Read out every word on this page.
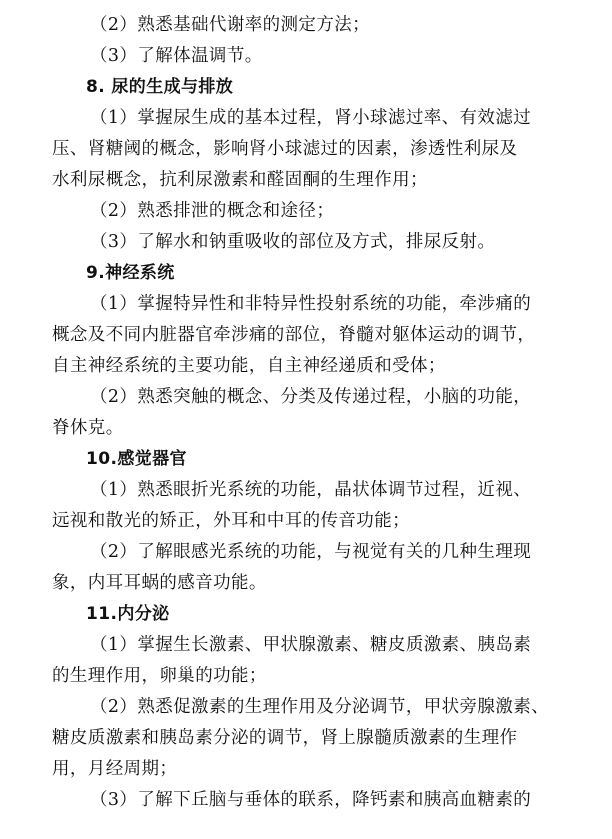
（2）熟悉基础代谢率的测定方法；
（3）了解体温调节。
8. 尿的生成与排放
（1）掌握尿生成的基本过程，肾小球滤过率、有效滤过
压、肾糖阈的概念，影响肾小球滤过的因素，渗透性利尿及
水利尿概念，抗利尿激素和醛固酮的生理作用；
（2）熟悉排泄的概念和途径；
（3）了解水和钠重吸收的部位及方式，排尿反射。
9.神经系统
（1）掌握特异性和非特异性投射系统的功能，牵涉痛的
概念及不同内脏器官牵涉痛的部位，脊髓对躯体运动的调节，
自主神经系统的主要功能，自主神经递质和受体；
（2）熟悉突触的概念、分类及传递过程，小脑的功能，
脊休克。
10.感觉器官
（1）熟悉眼折光系统的功能，晶状体调节过程，近视、
远视和散光的矫正，外耳和中耳的传音功能；
（2）了解眼感光系统的功能，与视觉有关的几种生理现
象，内耳耳蜗的感音功能。
11.内分泌
（1）掌握生长激素、甲状腺激素、糖皮质激素、胰岛素
的生理作用，卵巢的功能；
（2）熟悉促激素的生理作用及分泌调节，甲状旁腺激素、
糖皮质激素和胰岛素分泌的调节，肾上腺髓质激素的生理作
用，月经周期；
（3）了解下丘脑与垂体的联系，降钙素和胰高血糖素的
